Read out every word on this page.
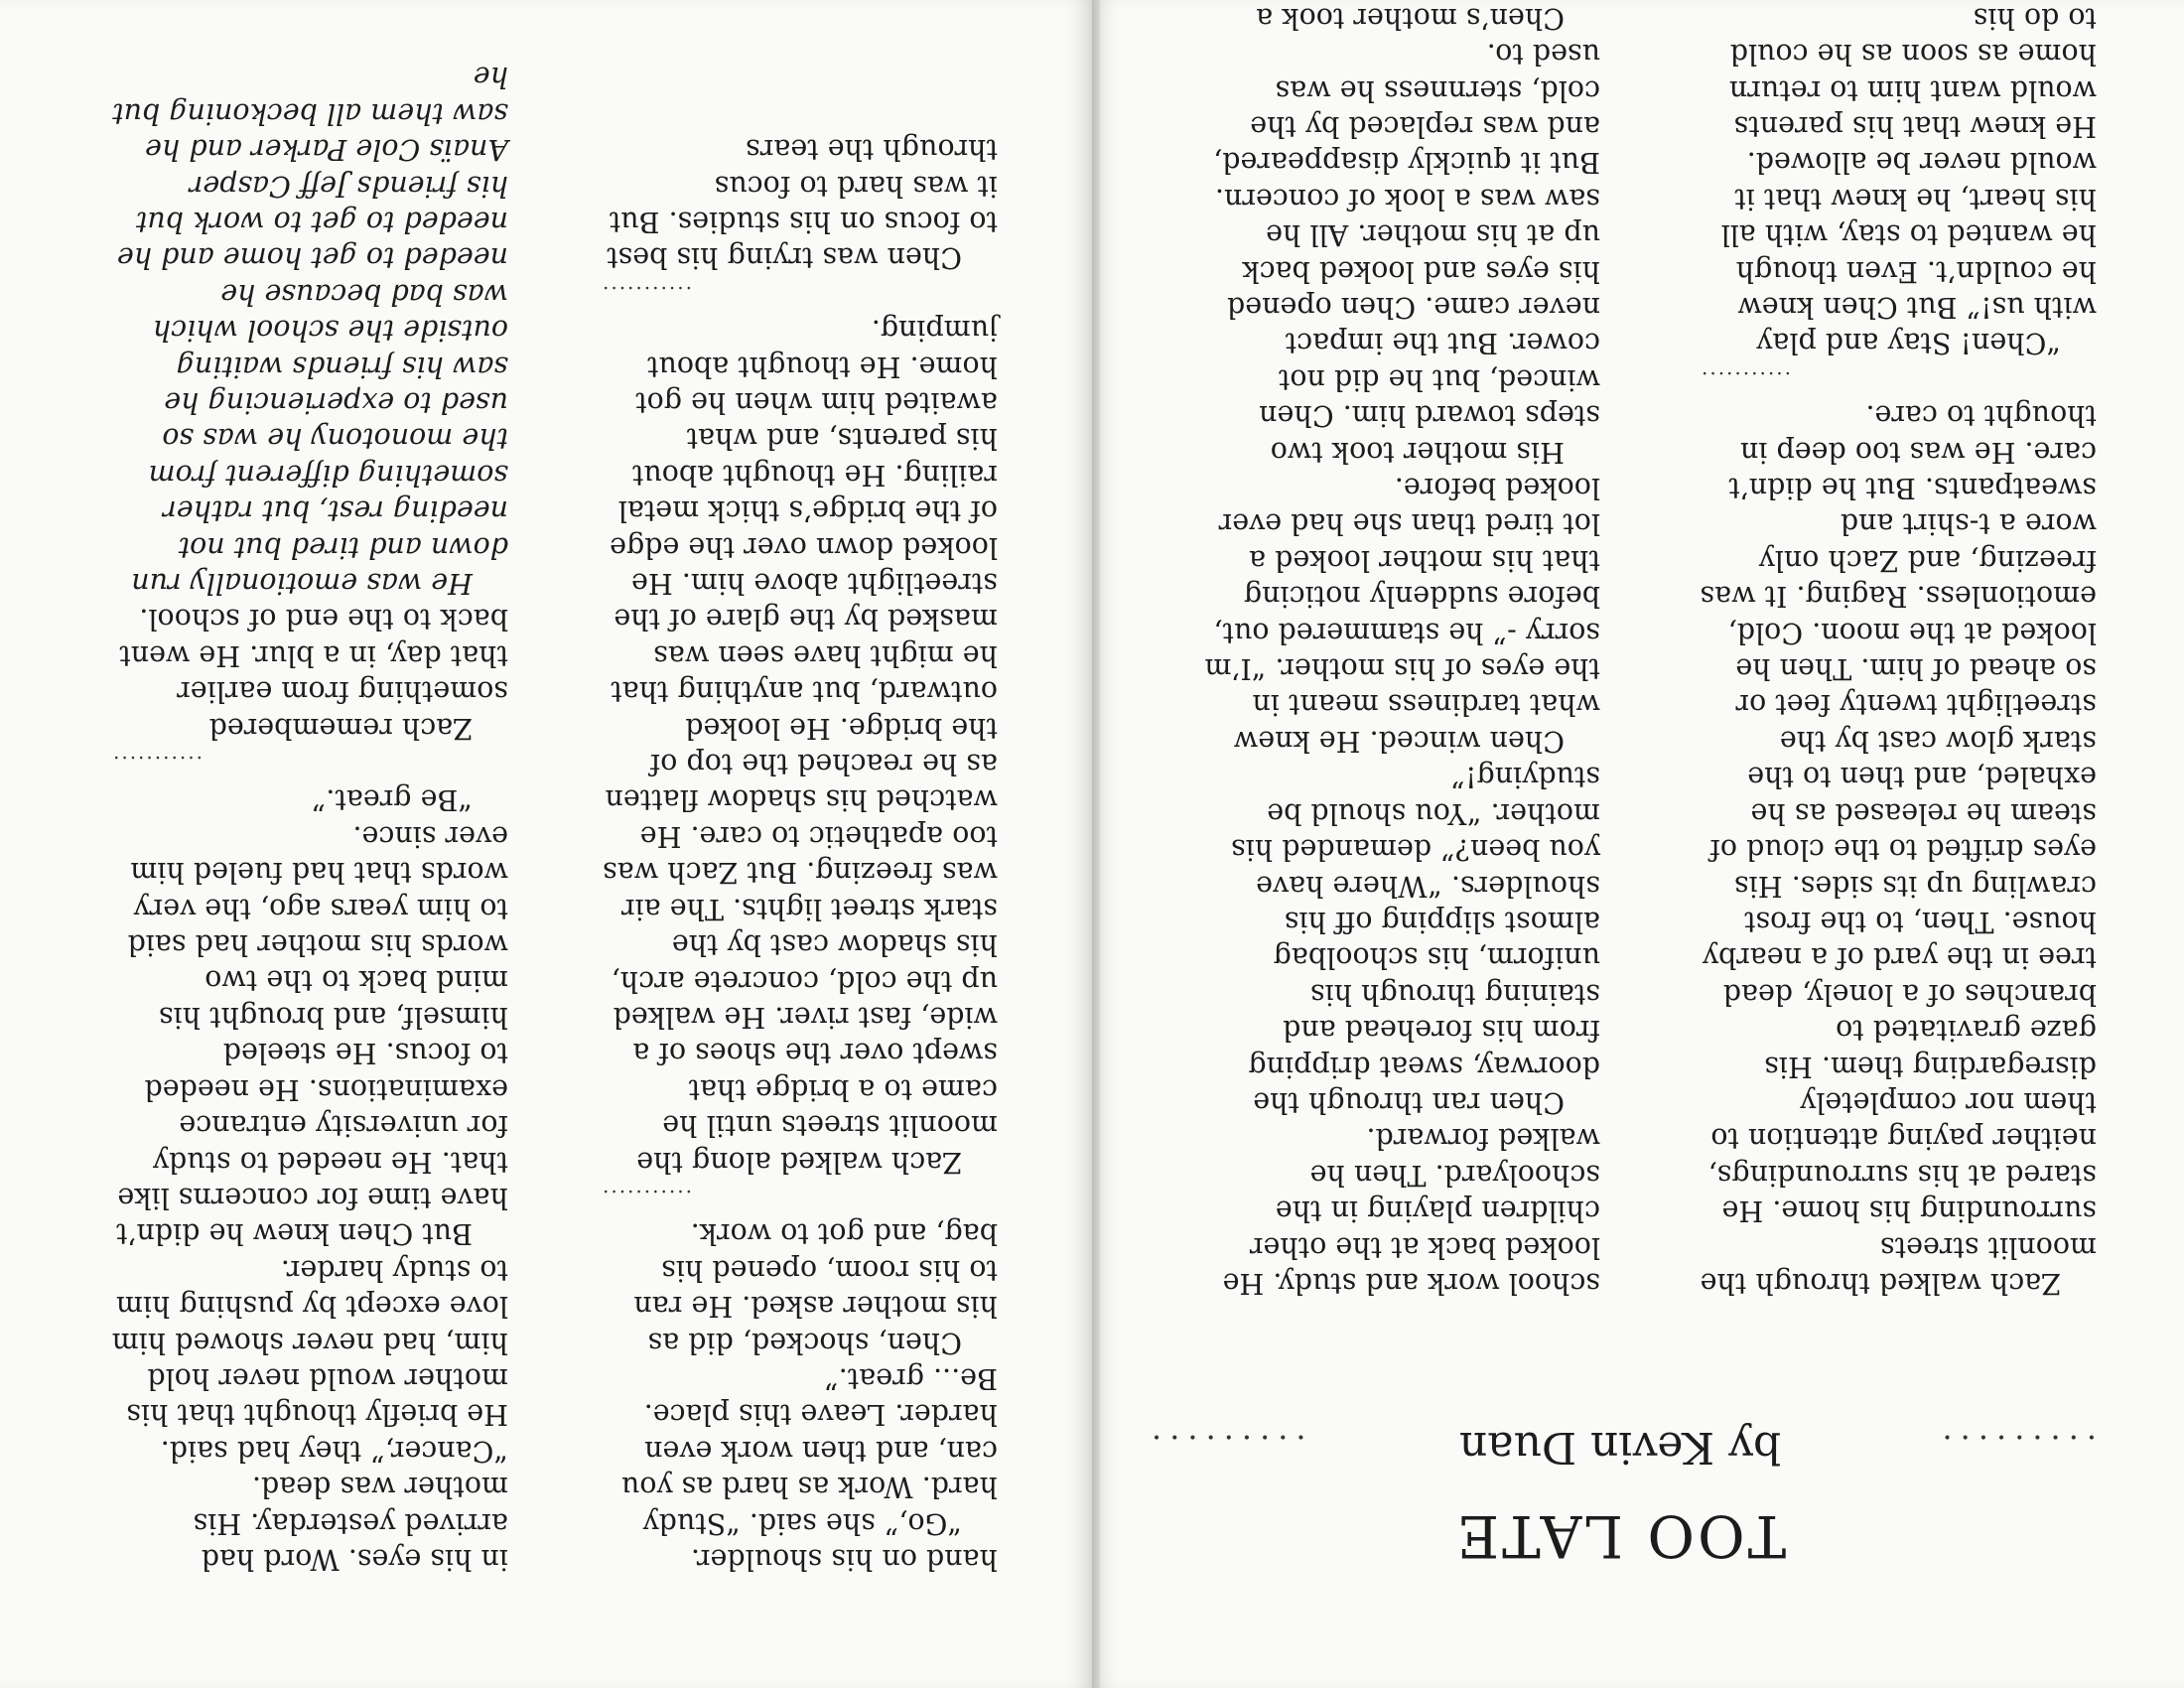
TOO LATE
.........
by Kevin Duan
.........

Zach walked through the moonlit streets surrounding his home. He stared at his surroundings, neither paying attention to them nor completely disregarding them. His gaze gravitated to branches of a lonely, dead tree in the yard of a nearby house. Then, to the frost crawling up its sides. His eyes drifted to the cloud of steam he released as he exhaled, and then to the stark glow cast by the streetlight twenty feet or so ahead of him. Then he looked at the moon. Cold, emotionless. Raging. It was freezing, and Zach only wore a t-shirt and sweatpants. But he didn’t care. He was too deep in thought to care.

...........

“Chen! Stay and play with us!” But Chen knew he couldn’t. Even though he wanted to stay, with all his heart, he knew that it would never be allowed. He knew that his parents would want him to return home as soon as he could to do his

school work and study. He looked back at the other children playing in the schoolyard. Then he walked forward.

Chen ran through the doorway, sweat dripping from his forehead and staining through his uniform, his schoolbag almost slipping off his shoulders. “Where have you been?” demanded his mother. “You should be studying!”

Chen winced. He knew what tardiness meant in the eyes of his mother. “I’m sorry -” he stammered out, before suddenly noticing that his mother looked a lot tired than she had ever looked before.

His mother took two steps toward him. Chen winced, but he did not cower. But the impact never came. Chen opened his eyes and looked back up at his mother. All he saw was a look of concern. But it quickly disappeared, and was replaced by the cold, sternness he was used to.

Chen’s mother took a

hand on his shoulder.

“Go,” she said. “Study hard. Work as hard as you can, and then work even harder. Leave this place. Be... great.”

Chen, shocked, did as his mother asked. He ran to his room, opened his bag, and got to work.

...........

Zach walked along the moonlit streets until he came to a bridge that swept over the shoes of a wide, fast river. He walked up the cold, concrete arch, his shadow cast by the stark street lights. The air was freezing. But Zach was too apathetic to care. He watched his shadow flatten as he reached the top of the bridge. He looked outward, but anything that he might have seen was masked by the glare of the streetlight above him. He looked down over the edge of the bridge’s thick metal railing. He thought about his parents, and what awaited him when he got home. He thought about jumping.

...........

Chen was trying his best to focus on his studies. But it was hard to focus through the tears

in his eyes. Word had arrived yesterday. His mother was dead. “Cancer,” they had said. He briefly thought that his mother would never hold him, had never showed him love except by pushing him to study harder.

But Chen knew he didn’t have time for concerns like that. He needed to study for university entrance examinations. He needed to focus. He steeled himself, and brought his mind back to the two words his mother had said to him years ago, the very words that had fueled him ever since.

“Be great.”

...........

Zach remembered something from earlier that day, in a blur. He went back to the end of school.

He was emotionally run down and tired but not needing rest, but rather something different from the monotony he was so used to experiencing he saw his friends waiting outside the school which was bad because he needed to get home and he needed to get to work but his friends Jeff Casper Anaïs Cole Parker and he saw them all beckoning but he
